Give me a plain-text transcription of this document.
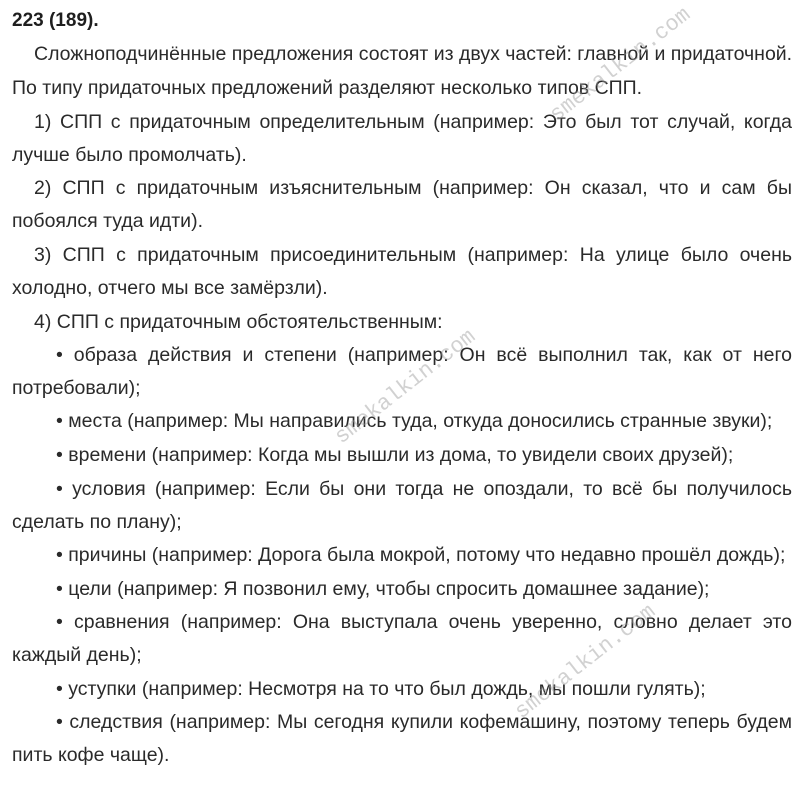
223 (189).

Сложноподчинённые предложения состоят из двух частей: главной и придаточной.

По типу придаточных предложений разделяют несколько типов СПП.

1) СПП с придаточным определительным (например: Это был тот случай, когда

лучше было промолчать).

2) СПП с придаточным изъяснительным (например: Он сказал, что и сам бы

побоялся туда идти).

3) СПП с придаточным присоединительным (например: На улице было очень

холодно, отчего мы все замёрзли).

4) СПП с придаточным обстоятельственным:

• образа действия и степени (например: Он всё выполнил так, как от него

потребовали);

• места (например: Мы направились туда, откуда доносились странные звуки);

• времени (например: Когда мы вышли из дома, то увидели своих друзей);

• условия (например: Если бы они тогда не опоздали, то всё бы получилось

сделать по плану);

• причины (например: Дорога была мокрой, потому что недавно прошёл дождь);

• цели (например: Я позвонил ему, чтобы спросить домашнее задание);

• сравнения (например: Она выступала очень уверенно, словно делает это

каждый день);

• уступки (например: Несмотря на то что был дождь, мы пошли гулять);

• следствия (например: Мы сегодня купили кофемашину, поэтому теперь будем

пить кофе чаще).

smekalkin.com
smekalkin.com
smekalkin.com
